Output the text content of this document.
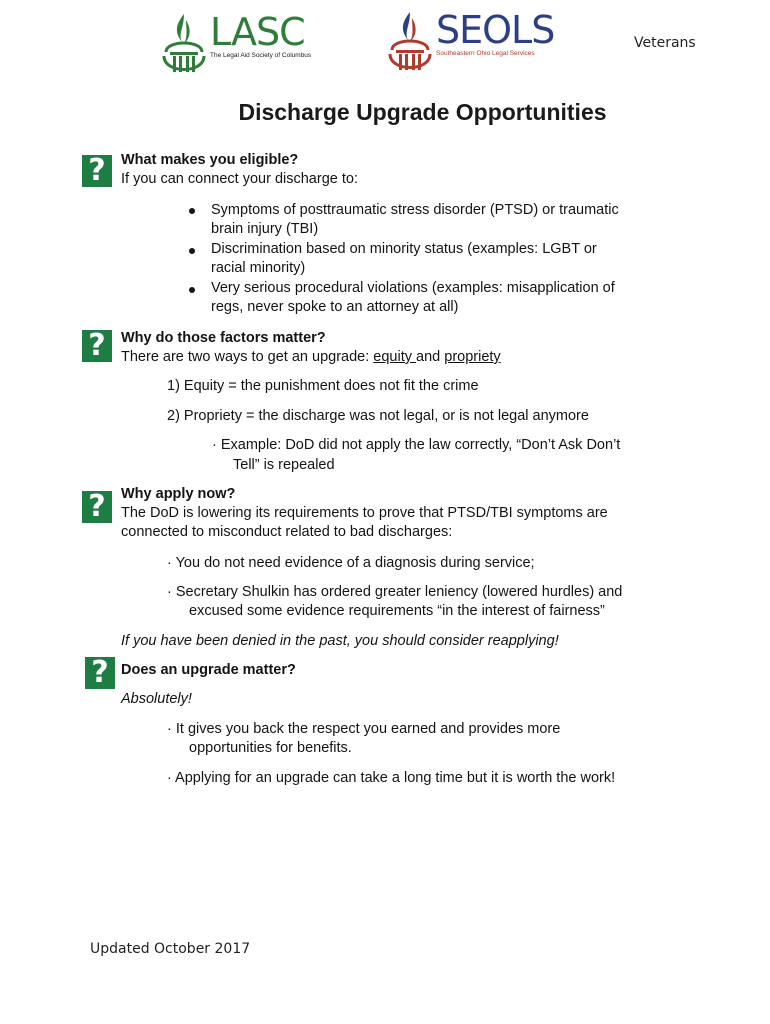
LASC
The Legal Aid Society of Columbus
SEOLS
Southeastern Ohio Legal Services
Veterans
Discharge Upgrade Opportunities
?	What makes you eligible?
If you can connect your discharge to:
Symptoms of posttraumatic stress disorder (PTSD) or traumatic
brain injury (TBI)
Discrimination based on minority status (examples: LGBT or
racial minority)
Very serious procedural violations (examples: misapplication of
regs, never spoke to an attorney at all)
?	Why do those factors matter?
There are two ways to get an upgrade: equity and propriety
1) Equity = the punishment does not fit the crime
2) Propriety = the discharge was not legal, or is not legal anymore
· Example: DoD did not apply the law correctly, “Don’t Ask Don’t
Tell” is repealed
?	Why apply now?
The DoD is lowering its requirements to prove that PTSD/TBI symptoms are
connected to misconduct related to bad discharges:
· You do not need evidence of a diagnosis during service;
· Secretary Shulkin has ordered greater leniency (lowered hurdles) and
excused some evidence requirements “in the interest of fairness”
If you have been denied in the past, you should consider reapplying!
? Does an upgrade matter?
Absolutely!
· It gives you back the respect you earned and provides more
opportunities for benefits.
· Applying for an upgrade can take a long time but it is worth the work!
Updated October 2017
